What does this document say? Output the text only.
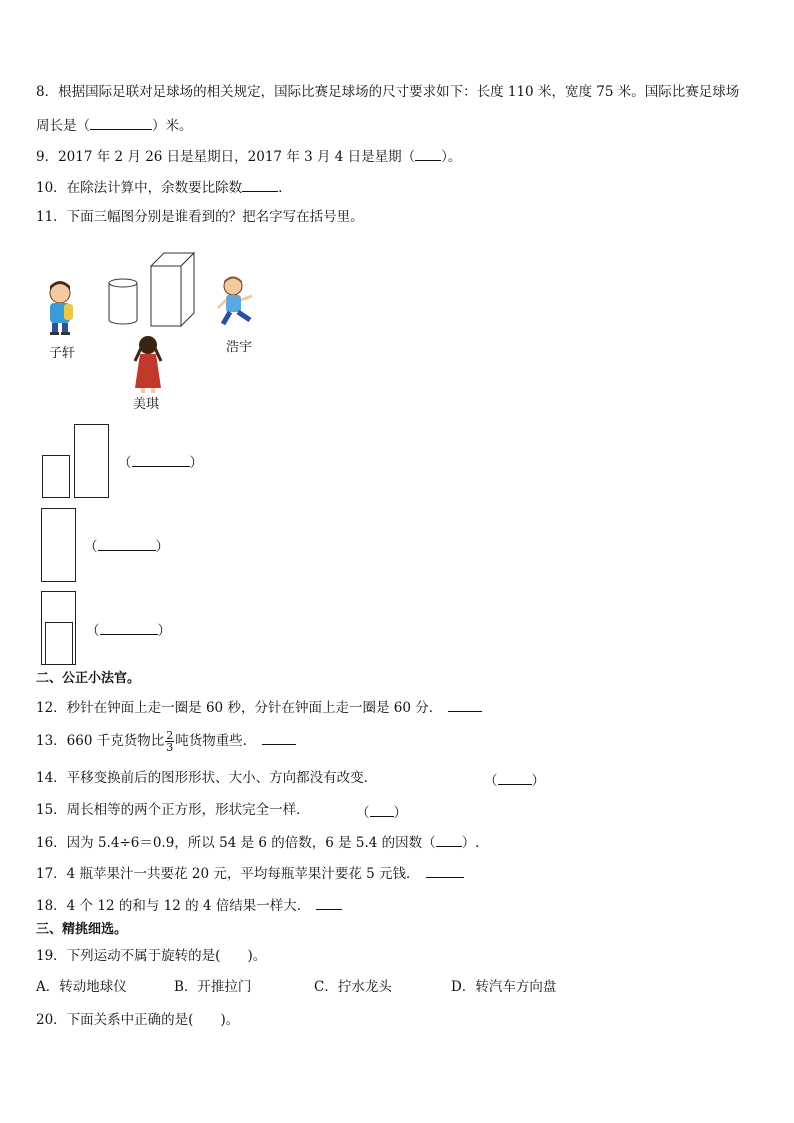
8．根据国际足联对足球场的相关规定，国际比赛足球场的尺寸要求如下：长度 110 米，宽度 75 米。国际比赛足球场
周长是（	）米。
9．2017 年 2 月 26 日是星期日，2017 年 3 月 4 日是星期（ ）。
10．在除法计算中，余数要比除数	．
11．下面三幅图分别是谁看到的？把名字写在括号里。
子轩	浩宇
美琪
（	）
（	）
（	）
二、公正小法官。
12．秒针在钟面上走一圈是 60 秒，分针在钟面上走一圈是 60 分．
13．660 千克货物比 $\frac{2}{3}$ 吨货物重些．
14．平移变换前后的图形形状、大小、方向都没有改变．	（	）
15．周长相等的两个正方形，形状完全一样．	（ ）
16．因为 5.4÷6＝0.9，所以 54 是 6 的倍数，6 是 5.4 的因数（ ）.
17．4 瓶苹果汁一共要花 20 元，平均每瓶苹果汁要花 5 元钱．
18．4 个 12 的和与 12 的 4 倍结果一样大．
三、精挑细选。
19．下列运动不属于旋转的是(　　)。
A．转动地球仪	B．开推拉门	C．拧水龙头	D．转汽车方向盘
20．下面关系中正确的是(　　)。
